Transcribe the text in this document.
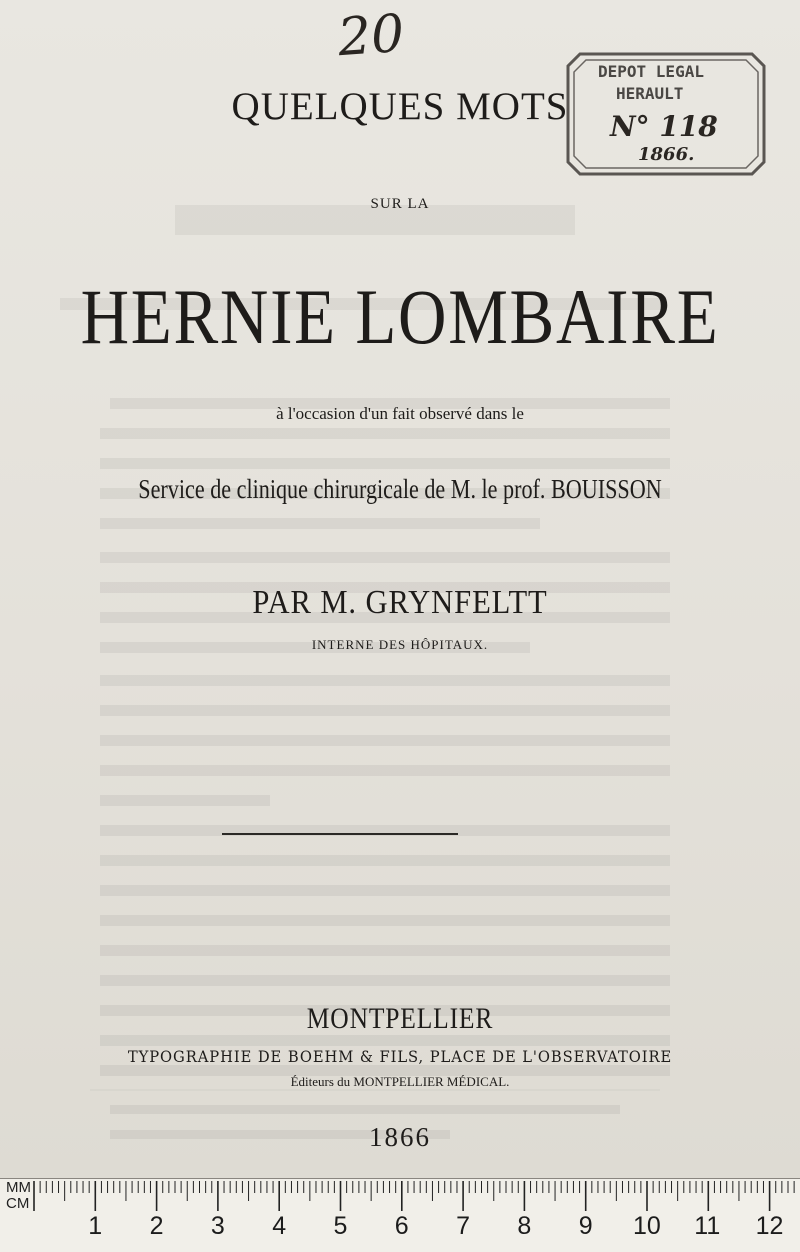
20
DEPOT LEGAL
HERAULT
N° 118
1866.
QUELQUES MOTS
SUR LA
HERNIE LOMBAIRE
à l'occasion d'un fait observé dans le
Service de clinique chirurgicale de M. le prof. BOUISSON
PAR M. GRYNFELTT
INTERNE DES HÔPITAUX.
MONTPELLIER
TYPOGRAPHIE DE BOEHM & FILS, PLACE DE L'OBSERVATOIRE
Éditeurs du MONTPELLIER MÉDICAL.
1866
MM
CM
1 2 3 4 5 6 7 8 9 10 11 12
